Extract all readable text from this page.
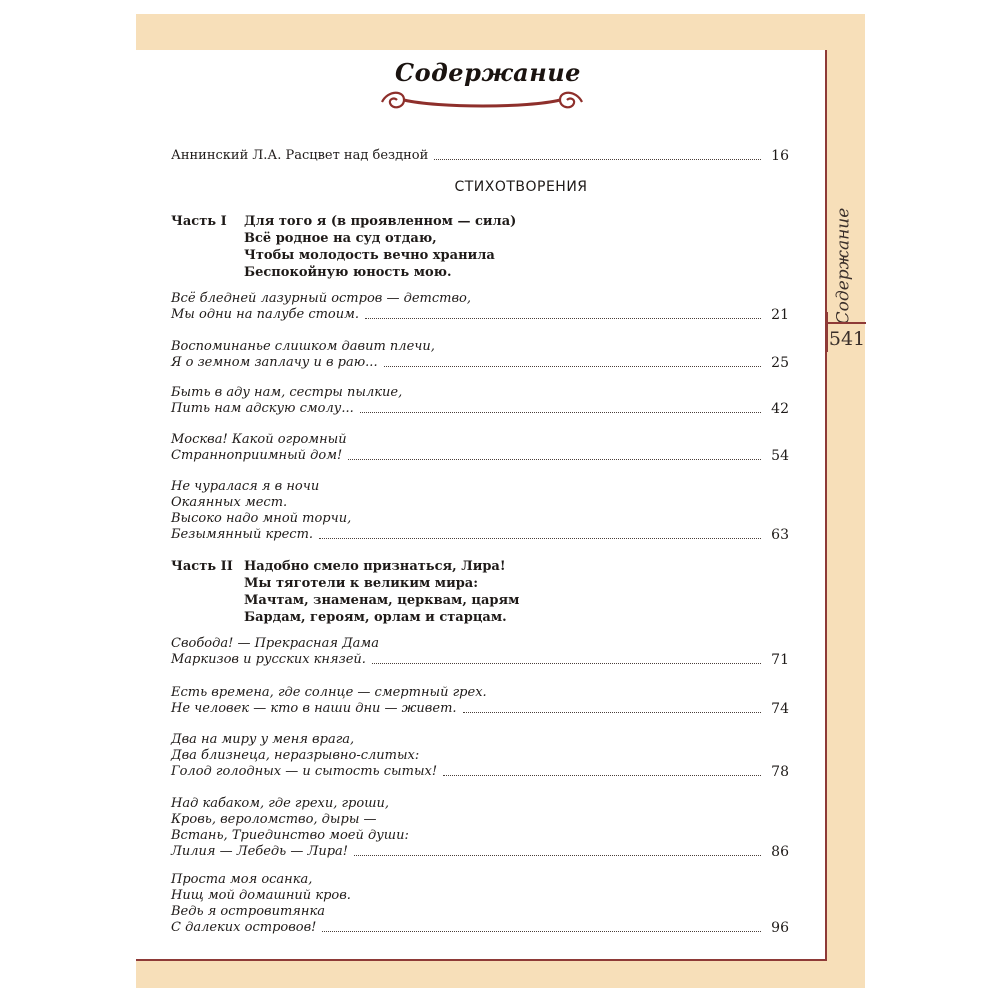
Содержание
Содержание
541
Аннинский Л.А. Расцвет над бездной	16
СТИХОТВОРЕНИЯ
Часть I Для того я (в проявленном — сила)
Всё родное на суд отдаю,
Чтобы молодость вечно хранила
Беспокойную юность мою.
Всё бледней лазурный остров — детство,
Мы одни на палубе стоим.	21
Воспоминанье слишком давит плечи,
Я о земном заплачу и в раю...	25
Быть в аду нам, сестры пылкие,
Пить нам адскую смолу...	42
Москва! Какой огромный
Странноприимный дом!	54
Не чуралася я в ночи
Окаянных мест.
Высоко надо мной торчи,
Безымянный крест.	63
Часть II Надобно смело признаться, Лира!
Мы тяготели к великим мира:
Мачтам, знаменам, церквам, царям
Бардам, героям, орлам и старцам.
Свобода! — Прекрасная Дама
Маркизов и русских князей.	71
Есть времена, где солнце — смертный грех.
Не человек — кто в наши дни — живет.	74
Два на миру у меня врага,
Два близнеца, неразрывно-слитых:
Голод голодных — и сытость сытых!	78
Над кабаком, где грехи, гроши,
Кровь, вероломство, дыры —
Встань, Триединство моей души:
Лилия — Лебедь — Лира!	86
Проста моя осанка,
Нищ мой домашний кров.
Ведь я островитянка
С далеких островов!	96
